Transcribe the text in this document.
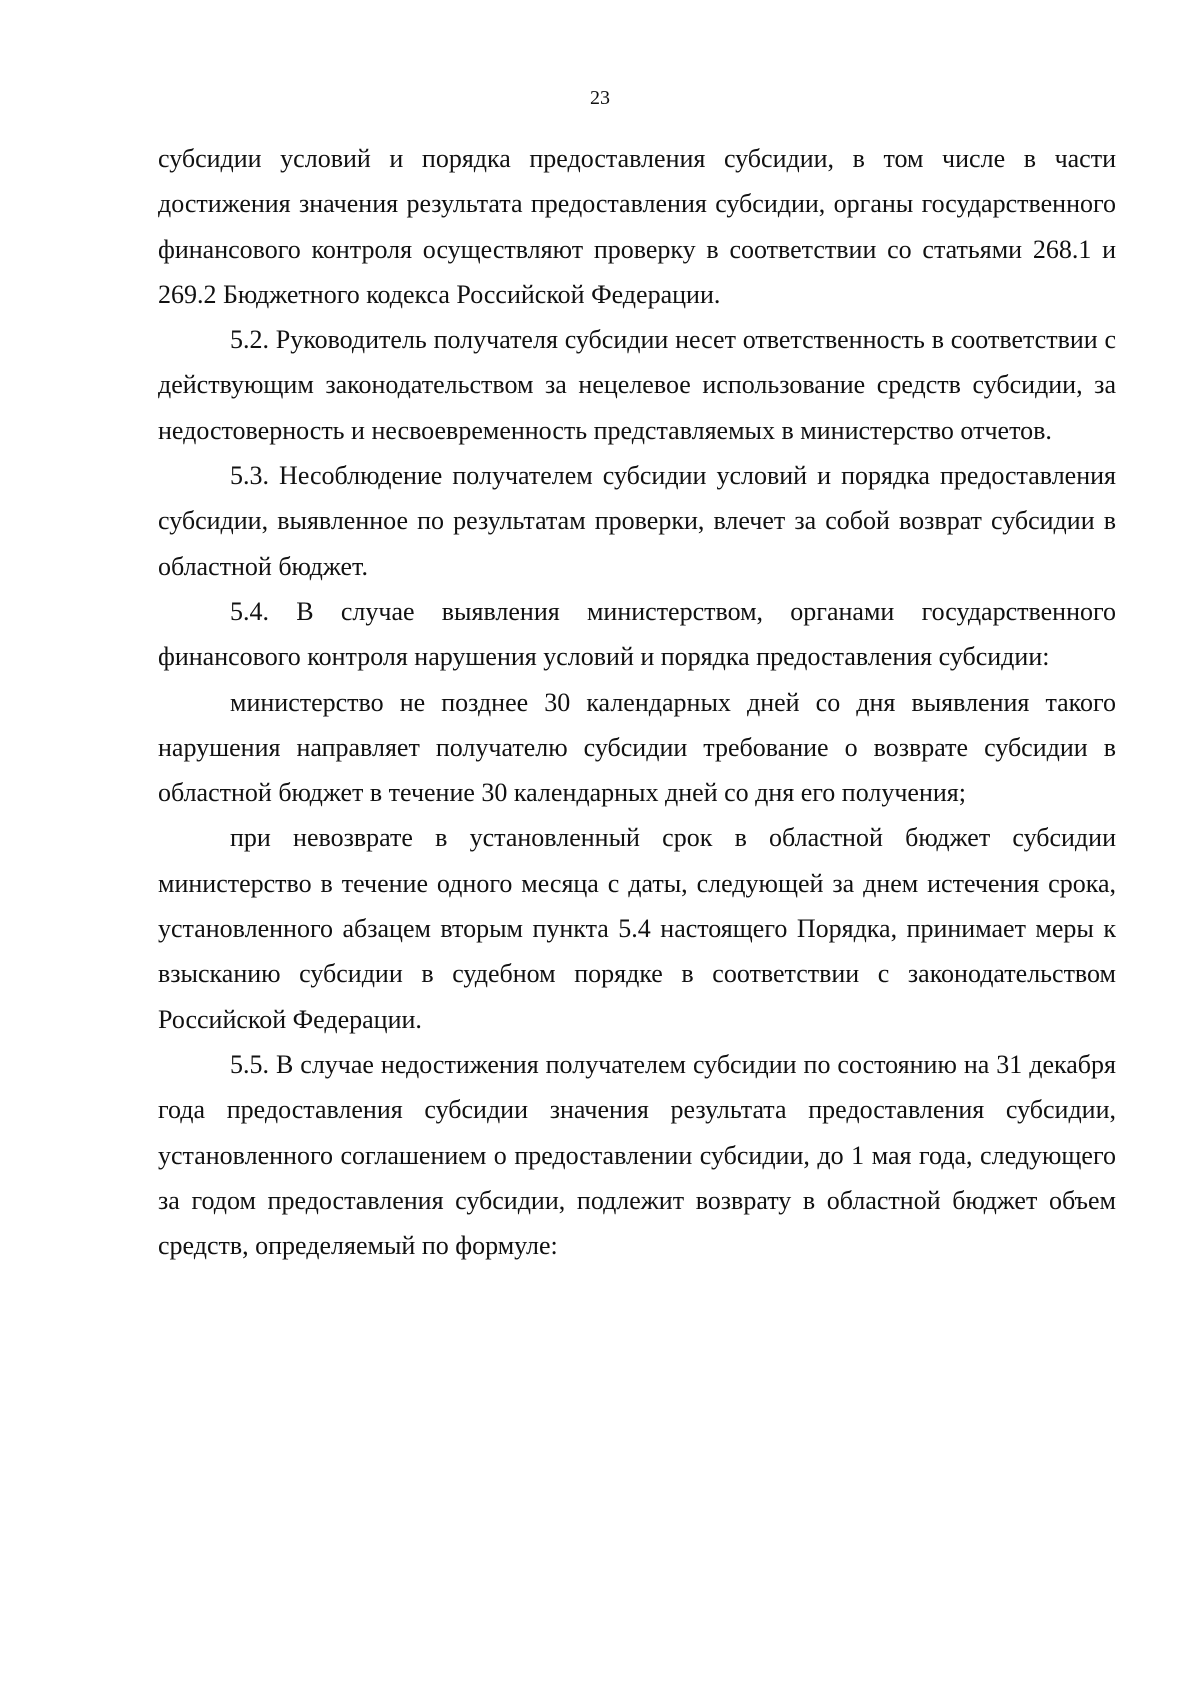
23

субсидии условий и порядка предоставления субсидии, в том числе в части достижения значения результата предоставления субсидии, органы государственного финансового контроля осуществляют проверку в соответствии со статьями 268.1 и 269.2 Бюджетного кодекса Российской Федерации.

5.2. Руководитель получателя субсидии несет ответственность в соответствии с действующим законодательством за нецелевое использование средств субсидии, за недостоверность и несвоевременность представляемых в министерство отчетов.

5.3. Несоблюдение получателем субсидии условий и порядка предоставления субсидии, выявленное по результатам проверки, влечет за собой возврат субсидии в областной бюджет.

5.4. В случае выявления министерством, органами государственного финансового контроля нарушения условий и порядка предоставления субсидии:

министерство не позднее 30 календарных дней со дня выявления такого нарушения направляет получателю субсидии требование о возврате субсидии в областной бюджет в течение 30 календарных дней со дня его получения;

при невозврате в установленный срок в областной бюджет субсидии министерство в течение одного месяца с даты, следующей за днем истечения срока, установленного абзацем вторым пункта 5.4 настоящего Порядка, принимает меры к взысканию субсидии в судебном порядке в соответствии с законодательством Российской Федерации.

5.5. В случае недостижения получателем субсидии по состоянию на 31 декабря года предоставления субсидии значения результата предоставления субсидии, установленного соглашением о предоставлении субсидии, до 1 мая года, следующего за годом предоставления субсидии, подлежит возврату в областной бюджет объем средств, определяемый по формуле:
